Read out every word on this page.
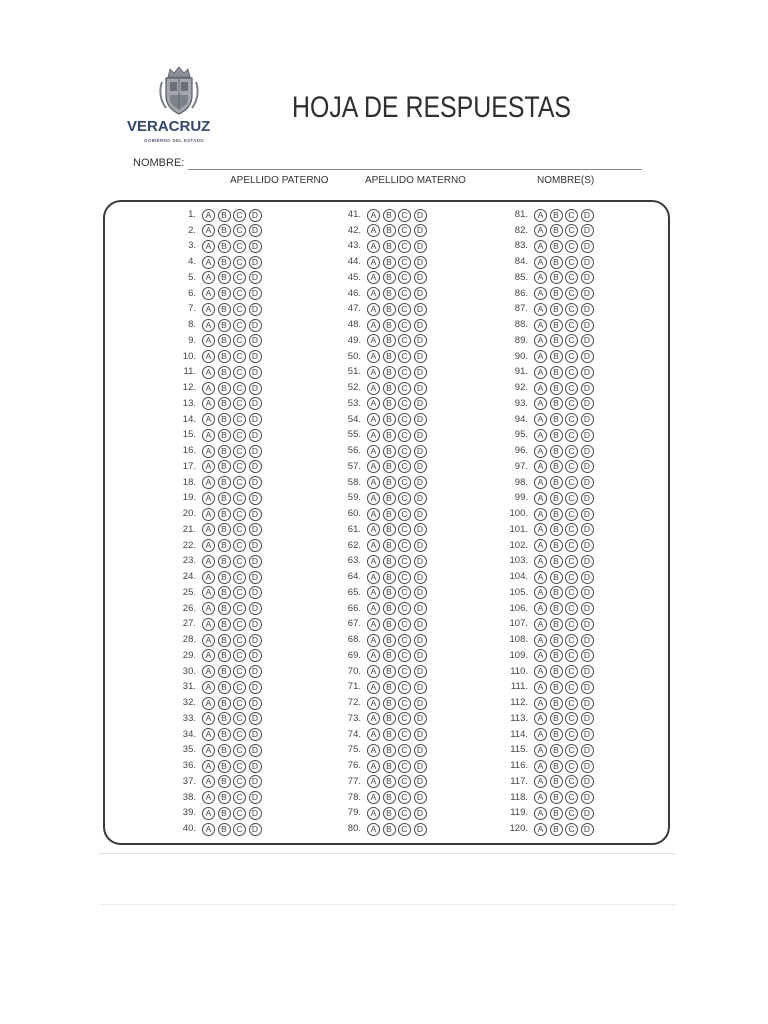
VERACRUZ
GOBIERNO DEL ESTADO
HOJA DE RESPUESTAS
NOMBRE:
APELLIDO PATERNO	APELLIDO MATERNO	NOMBRE(S)
1.	A	B	C	D
2.	A	B	C	D
3.	A	B	C	D
4.	A	B	C	D
5.	A	B	C	D
6.	A	B	C	D
7.	A	B	C	D
8.	A	B	C	D
9.	A	B	C	D
10.	A	B	C	D
11.	A	B	C	D
12.	A	B	C	D
13.	A	B	C	D
14.	A	B	C	D
15.	A	B	C	D
16.	A	B	C	D
17.	A	B	C	D
18.	A	B	C	D
19.	A	B	C	D
20.	A	B	C	D
21.	A	B	C	D
22.	A	B	C	D
23.	A	B	C	D
24.	A	B	C	D
25.	A	B	C	D
26.	A	B	C	D
27.	A	B	C	D
28.	A	B	C	D
29.	A	B	C	D
30.	A	B	C	D
31.	A	B	C	D
32.	A	B	C	D
33.	A	B	C	D
34.	A	B	C	D
35.	A	B	C	D
36.	A	B	C	D
37.	A	B	C	D
38.	A	B	C	D
39.	A	B	C	D
40.	A	B	C	D
41.	A	B	C	D
42.	A	B	C	D
43.	A	B	C	D
44.	A	B	C	D
45.	A	B	C	D
46.	A	B	C	D
47.	A	B	C	D
48.	A	B	C	D
49.	A	B	C	D
50.	A	B	C	D
51.	A	B	C	D
52.	A	B	C	D
53.	A	B	C	D
54.	A	B	C	D
55.	A	B	C	D
56.	A	B	C	D
57.	A	B	C	D
58.	A	B	C	D
59.	A	B	C	D
60.	A	B	C	D
61.	A	B	C	D
62.	A	B	C	D
63.	A	B	C	D
64.	A	B	C	D
65.	A	B	C	D
66.	A	B	C	D
67.	A	B	C	D
68.	A	B	C	D
69.	A	B	C	D
70.	A	B	C	D
71.	A	B	C	D
72.	A	B	C	D
73.	A	B	C	D
74.	A	B	C	D
75.	A	B	C	D
76.	A	B	C	D
77.	A	B	C	D
78.	A	B	C	D
79.	A	B	C	D
80.	A	B	C	D
81.	A	B	C	D
82.	A	B	C	D
83.	A	B	C	D
84.	A	B	C	D
85.	A	B	C	D
86.	A	B	C	D
87.	A	B	C	D
88.	A	B	C	D
89.	A	B	C	D
90.	A	B	C	D
91.	A	B	C	D
92.	A	B	C	D
93.	A	B	C	D
94.	A	B	C	D
95.	A	B	C	D
96.	A	B	C	D
97.	A	B	C	D
98.	A	B	C	D
99.	A	B	C	D
100.	A	B	C	D
101.	A	B	C	D
102.	A	B	C	D
103.	A	B	C	D
104.	A	B	C	D
105.	A	B	C	D
106.	A	B	C	D
107.	A	B	C	D
108.	A	B	C	D
109.	A	B	C	D
110.	A	B	C	D
111.	A	B	C	D
112.	A	B	C	D
113.	A	B	C	D
114.	A	B	C	D
115.	A	B	C	D
116.	A	B	C	D
117.	A	B	C	D
118.	A	B	C	D
119.	A	B	C	D
120.	A	B	C	D
